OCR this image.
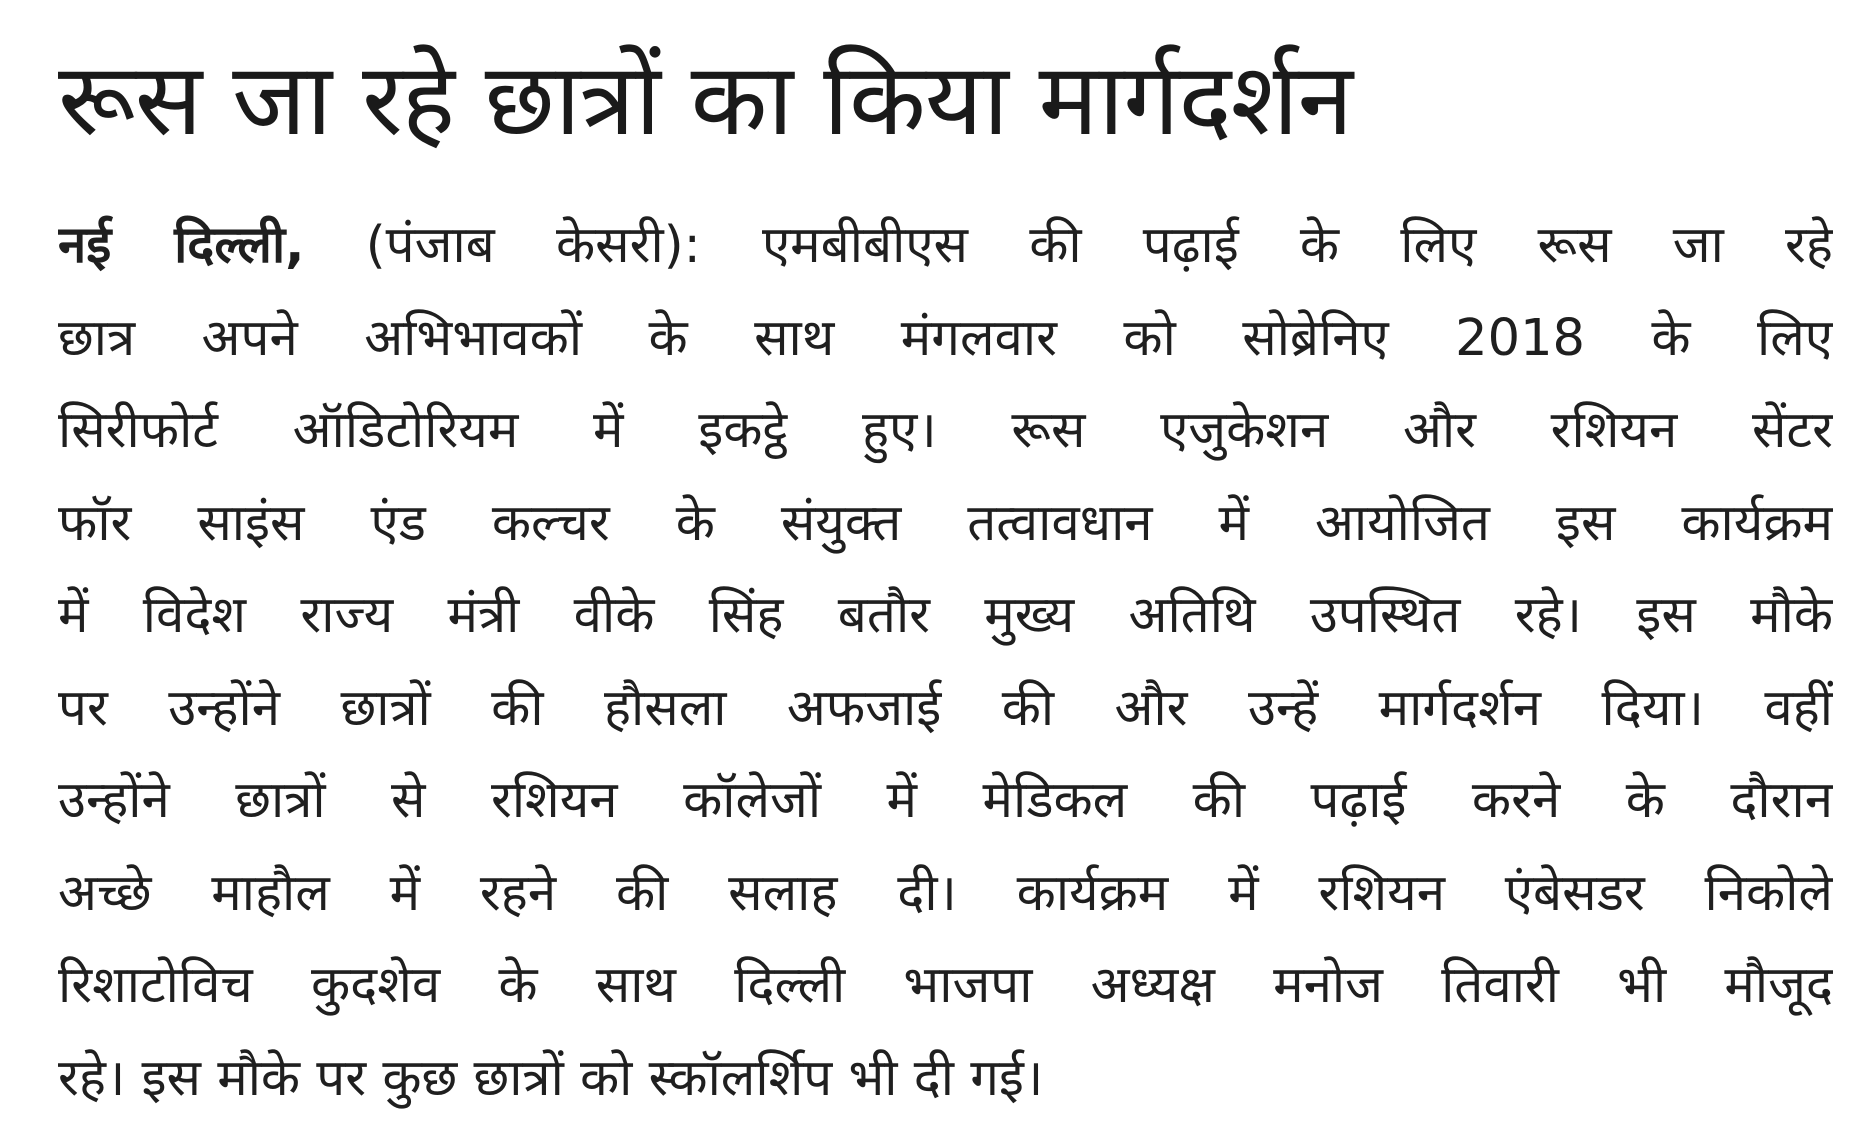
रूस जा रहे छात्रों का किया मार्गदर्शन
नई दिल्ली, (पंजाब केसरी): एमबीबीएस की पढ़ाई के लिए रूस जा रहे
छात्र अपने अभिभावकों के साथ मंगलवार को सोब्रेनिए 2018 के लिए
सिरीफोर्ट ऑडिटोरियम में इकट्ठे हुए। रूस एजुकेशन और रशियन सेंटर
फॉर साइंस एंड कल्चर के संयुक्त तत्वावधान में आयोजित इस कार्यक्रम
में विदेश राज्य मंत्री वीके सिंह बतौर मुख्य अतिथि उपस्थित रहे। इस मौके
पर उन्होंने छात्रों की हौसला अफजाई की और उन्हें मार्गदर्शन दिया। वहीं
उन्होंने छात्रों से रशियन कॉलेजों में मेडिकल की पढ़ाई करने के दौरान
अच्छे माहौल में रहने की सलाह दी। कार्यक्रम में रशियन एंबेसडर निकोले
रिशाटोविच कुदशेव के साथ दिल्ली भाजपा अध्यक्ष मनोज तिवारी भी मौजूद
रहे। इस मौके पर कुछ छात्रों को स्कॉलर्शिप भी दी गई।
